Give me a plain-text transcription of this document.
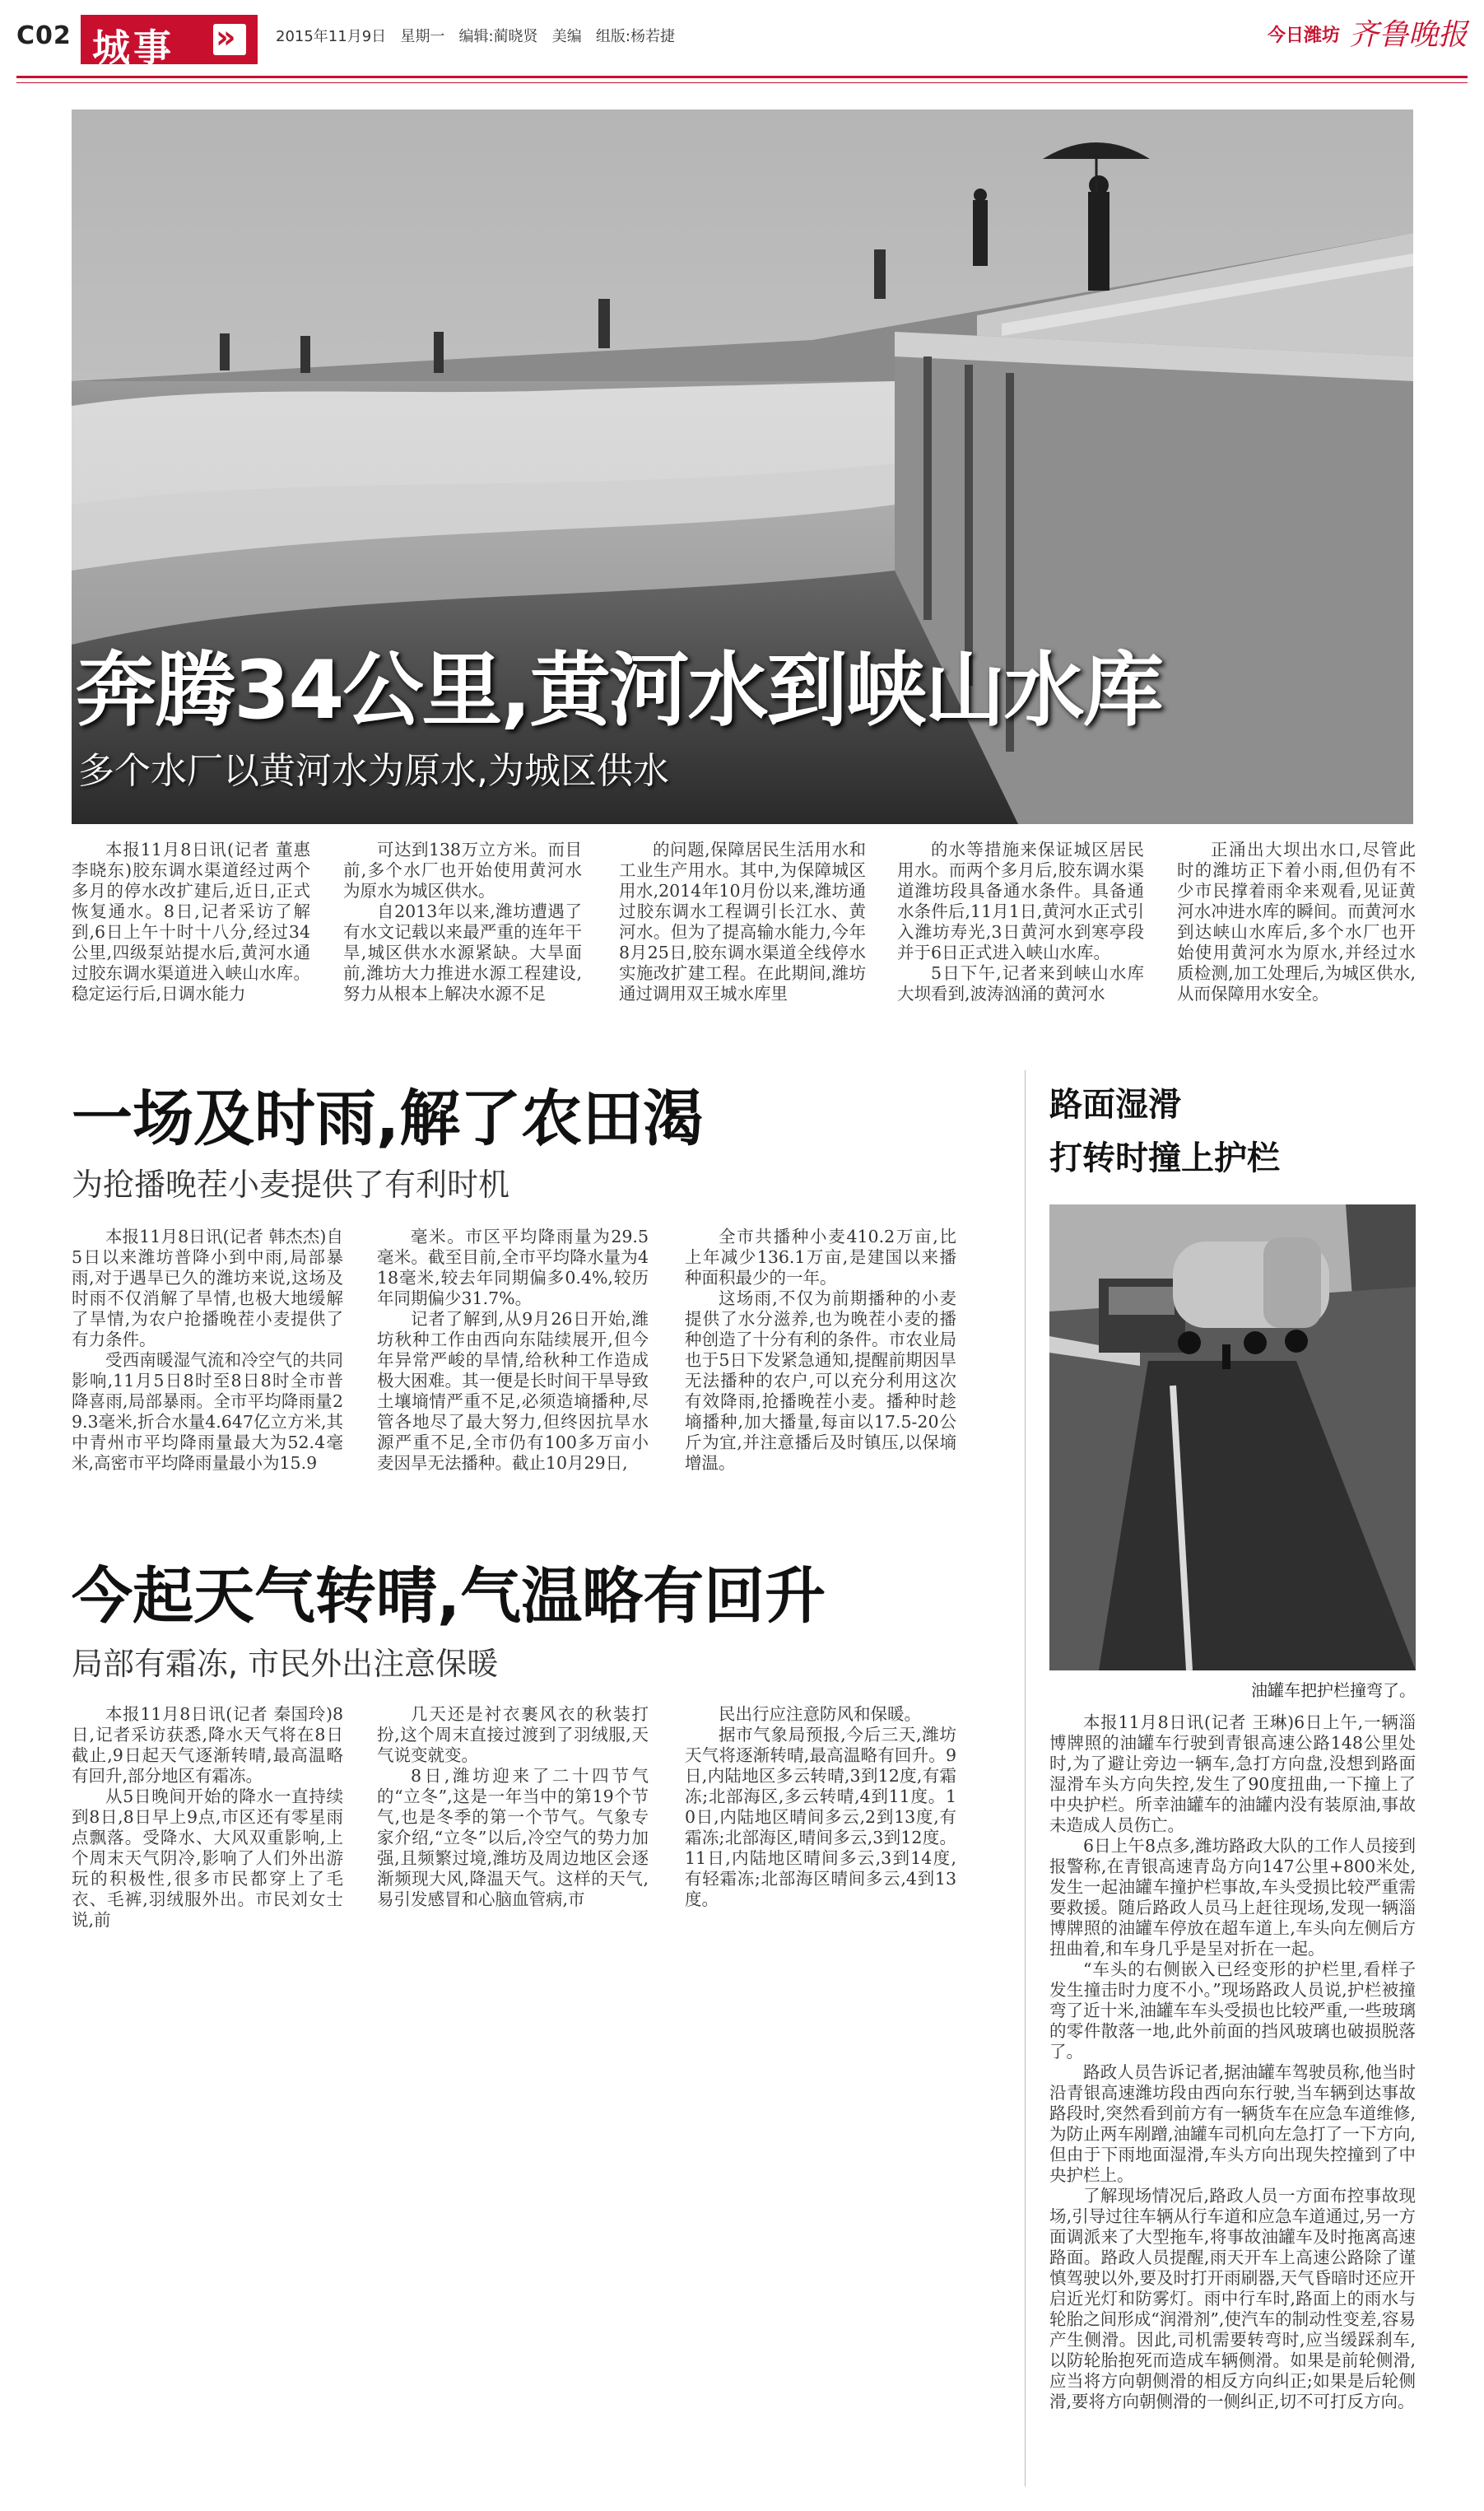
C02 城事 »	2015年11月9日   星期一   编辑:蔺晓贤   美编   组版:杨若捷	今日潍坊 齐鲁晚报
奔腾34公里,黄河水到峡山水库
多个水厂以黄河水为原水,为城区供水

本报11月8日讯(记者 董惠 李晓东)胶东调水渠道经过两个多月的停水改扩建后,近日,正式恢复通水。8日,记者采访了解到,6日上午十时十八分,经过34公里,四级泵站提水后,黄河水通过胶东调水渠道进入峡山水库。稳定运行后,日调水能力

可达到138万立方米。而目前,多个水厂也开始使用黄河水为原水为城区供水。

自2013年以来,潍坊遭遇了有水文记载以来最严重的连年干旱,城区供水水源紧缺。大旱面前,潍坊大力推进水源工程建设,努力从根本上解决水源不足

的问题,保障居民生活用水和工业生产用水。其中,为保障城区用水,2014年10月份以来,潍坊通过胶东调水工程调引长江水、黄河水。但为了提高输水能力,今年8月25日,胶东调水渠道全线停水实施改扩建工程。在此期间,潍坊通过调用双王城水库里

的水等措施来保证城区居民用水。而两个多月后,胶东调水渠道潍坊段具备通水条件。具备通水条件后,11月1日,黄河水正式引入潍坊寿光,3日黄河水到寒亭段并于6日正式进入峡山水库。

5日下午,记者来到峡山水库大坝看到,波涛汹涌的黄河水

正涌出大坝出水口,尽管此时的潍坊正下着小雨,但仍有不少市民撑着雨伞来观看,见证黄河水冲进水库的瞬间。而黄河水到达峡山水库后,多个水厂也开始使用黄河水为原水,并经过水质检测,加工处理后,为城区供水,从而保障用水安全。

一场及时雨,解了农田渴
为抢播晚茬小麦提供了有利时机

本报11月8日讯(记者 韩杰杰)自5日以来潍坊普降小到中雨,局部暴雨,对于遇旱已久的潍坊来说,这场及时雨不仅消解了旱情,也极大地缓解了旱情,为农户抢播晚茬小麦提供了有力条件。

受西南暖湿气流和冷空气的共同影响,11月5日8时至8日8时全市普降喜雨,局部暴雨。全市平均降雨量29.3毫米,折合水量4.647亿立方米,其中青州市平均降雨量最大为52.4毫米,高密市平均降雨量最小为15.9

毫米。市区平均降雨量为29.5毫米。截至目前,全市平均降水量为418毫米,较去年同期偏多0.4%,较历年同期偏少31.7%。

记者了解到,从9月26日开始,潍坊秋种工作由西向东陆续展开,但今年异常严峻的旱情,给秋种工作造成极大困难。其一便是长时间干旱导致土壤墒情严重不足,必须造墒播种,尽管各地尽了最大努力,但终因抗旱水源严重不足,全市仍有100多万亩小麦因旱无法播种。截止10月29日,

全市共播种小麦410.2万亩,比上年减少136.1万亩,是建国以来播种面积最少的一年。

这场雨,不仅为前期播种的小麦提供了水分滋养,也为晚茬小麦的播种创造了十分有利的条件。市农业局也于5日下发紧急通知,提醒前期因旱无法播种的农户,可以充分利用这次有效降雨,抢播晚茬小麦。播种时趁墒播种,加大播量,每亩以17.5-20公斤为宜,并注意播后及时镇压,以保墒增温。

今起天气转晴,气温略有回升
局部有霜冻, 市民外出注意保暖

本报11月8日讯(记者 秦国玲)8日,记者采访获悉,降水天气将在8日截止,9日起天气逐渐转晴,最高温略有回升,部分地区有霜冻。

从5日晚间开始的降水一直持续到8日,8日早上9点,市区还有零星雨点飘落。受降水、大风双重影响,上个周末天气阴冷,影响了人们外出游玩的积极性,很多市民都穿上了毛衣、毛裤,羽绒服外出。市民刘女士说,前

几天还是衬衣裹风衣的秋装打扮,这个周末直接过渡到了羽绒服,天气说变就变。

8日,潍坊迎来了二十四节气的“立冬”,这是一年当中的第19个节气,也是冬季的第一个节气。气象专家介绍,“立冬”以后,冷空气的势力加强,且频繁过境,潍坊及周边地区会逐渐频现大风,降温天气。这样的天气,易引发感冒和心脑血管病,市

民出行应注意防风和保暖。

据市气象局预报,今后三天,潍坊天气将逐渐转晴,最高温略有回升。9日,内陆地区多云转晴,3到12度,有霜冻;北部海区,多云转晴,4到11度。10日,内陆地区晴间多云,2到13度,有霜冻;北部海区,晴间多云,3到12度。11日,内陆地区晴间多云,3到14度,有轻霜冻;北部海区晴间多云,4到13度。

路面湿滑
打转时撞上护栏
油罐车把护栏撞弯了。

本报11月8日讯(记者 王琳)6日上午,一辆淄博牌照的油罐车行驶到青银高速公路148公里处时,为了避让旁边一辆车,急打方向盘,没想到路面湿滑车头方向失控,发生了90度扭曲,一下撞上了中央护栏。所幸油罐车的油罐内没有装原油,事故未造成人员伤亡。

6日上午8点多,潍坊路政大队的工作人员接到报警称,在青银高速青岛方向147公里+800米处,发生一起油罐车撞护栏事故,车头受损比较严重需要救援。随后路政人员马上赶往现场,发现一辆淄博牌照的油罐车停放在超车道上,车头向左侧后方扭曲着,和车身几乎是呈对折在一起。

“车头的右侧嵌入已经变形的护栏里,看样子发生撞击时力度不小。”现场路政人员说,护栏被撞弯了近十米,油罐车车头受损也比较严重,一些玻璃的零件散落一地,此外前面的挡风玻璃也破损脱落了。

路政人员告诉记者,据油罐车驾驶员称,他当时沿青银高速潍坊段由西向东行驶,当车辆到达事故路段时,突然看到前方有一辆货车在应急车道维修,为防止两车剐蹭,油罐车司机向左急打了一下方向,但由于下雨地面湿滑,车头方向出现失控撞到了中央护栏上。

了解现场情况后,路政人员一方面布控事故现场,引导过往车辆从行车道和应急车道通过,另一方面调派来了大型拖车,将事故油罐车及时拖离高速路面。路政人员提醒,雨天开车上高速公路除了谨慎驾驶以外,要及时打开雨刷器,天气昏暗时还应开启近光灯和防雾灯。雨中行车时,路面上的雨水与轮胎之间形成“润滑剂”,使汽车的制动性变差,容易产生侧滑。因此,司机需要转弯时,应当缓踩刹车,以防轮胎抱死而造成车辆侧滑。如果是前轮侧滑,应当将方向朝侧滑的相反方向纠正;如果是后轮侧滑,要将方向朝侧滑的一侧纠正,切不可打反方向。
